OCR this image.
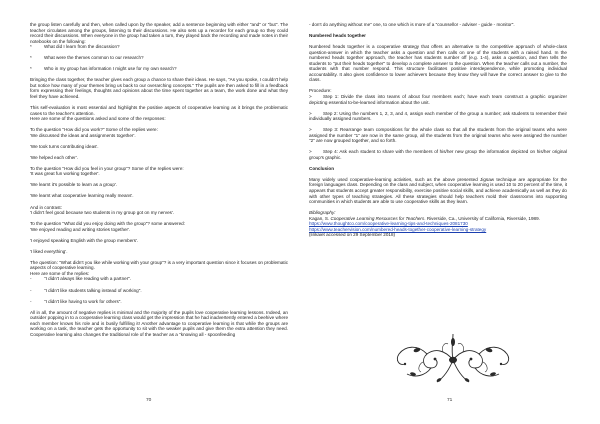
the group listen carefully and then, when called upon by the speaker, add a sentence beginning with either "and" or "but". The teacher circulates among the groups, listening to their discussions. He also sets up a recorder for each group so they could record their discussions. When everyone in the group had taken a turn, they played back the recording and made notes in their notebooks on the following:

*	What did I learn from the discussion?

*	What were the themes common to our research?

*	Who in my group has information I might use for my own search?

Bringing the class together, the teacher gives each group a chance to share their ideas. He says, "As you spoke, I couldn't help but notice how many of your themes bring us back to our overarching concepts." The pupils are then asked to fill in a feedback form expressing their feelings, thoughts and opinions about the time spent together as a team, the work done and what they feel they have achieved.

This self-evaluation is most essential and highlights the positive aspects of cooperative learning as it brings the problematic cases to the teacher's attention.

Here are some of the questions asked and some of the responses:

To the question "How did you work?" Some of the replies were:

'We discussed the ideas and assignments together'.

'We took turns contributing ideas'.

'We helped each other'.

To the question "How did you feel in your group"? Some of the replies were:

'It was great fun working together'.

'We learnt it's possible to learn as a group'.

'We learnt what cooperative learning really means'.

And in contrast:

'I didn't feel good because two students in my group got on my nerves'.

To the question "What did you enjoy doing with the group"? some answered:

'We enjoyed reading and writing stories together'.

'I enjoyed speaking English with the group members'.

'I liked everything'.

The question: "What didn't you like while working with your group"? is a very important question since it focuses on problematic aspects of cooperative learning.

Here are some of the replies:

-	"I didn't always like reading with a partner".

-	"I didn't like students talking instead of working".

-	"I didn't like having to work for others".

All in all, the amount of negative replies is minimal and the majority of the pupils love cooperative learning lessons. Indeed, an outsider popping in to a cooperative learning class would get the impression that he had inadvertently entered a beehive where each member knows his role and is busily fulfilling it! Another advantage to cooperative learning is that while the groups are working on a task, the teacher gets the opportunity to sit with the weaker pupils and give them the extra attention they need. Cooperative learning also changes the traditional role of the teacher as a "knowing all - spoonfeeding

70

- don't do anything without me" one, to one which is more of a "counsellor - adviser - guide - monitor".

Numbered heads together

Numbered heads together is a cooperative strategy that offers an alternative to the competitive approach of whole-class question-answer in which the teacher asks a question and then calls on one of the students with a raised hand. In the numbered heads together approach, the teacher has students number off (e.g. 1-4), asks a question, and then tells the students to "put their heads together" to develop a complete answer to the question. When the teacher calls out a number, the students with that number respond. This structure facilitates positive interdependence, while promoting individual accountability. It also gives confidence to lower achievers because they know they will have the correct answer to give to the class.

Procedure:

> Step 1: Divide the class into teams of about four members each; have each team construct a graphic organizer depicting essential to-be-learned information about the unit.

> Step 2: Using the numbers 1, 2, 3, and 4, assign each member of the group a number; ask students to remember their individually assigned numbers.

> Step 3: Rearrange team compositions for the whole class so that all the students from the original teams who were assigned the number "1" are now in the same group, all the students from the original teams who were assigned the number "2" are now grouped together, and so forth.

> Step 4: Ask each student to share with the members of his/her new group the information depicted on his/her original group's graphic.

Conclusion

Many widely used cooperative-learning activities, such as the above presented Jigsaw technique are appropriate for the foreign languages class. Depending on the class and subject, when cooperative learning is used 10 to 20 percent of the time, it appears that students accept greater responsibility, exercise positive social skills, and achieve academically as well as they do with other types of teaching strategies. All these strategies should help teachers mold their classrooms into supporting communities in which students are able to use cooperative skills as they learn.

Bibliography:

Kagan, S. Cooperative Learning Resources for Teachers. Riverside, Ca., University of California, Riverside, 1989.

https://www.thoughtco.com/cooperative-learning-tips-and-techniques-2081730
https://www.teachervision.com/numbered-heads-together-cooperative-learning-strategy

(linkaiet accessed on 29 September 2018)

71
